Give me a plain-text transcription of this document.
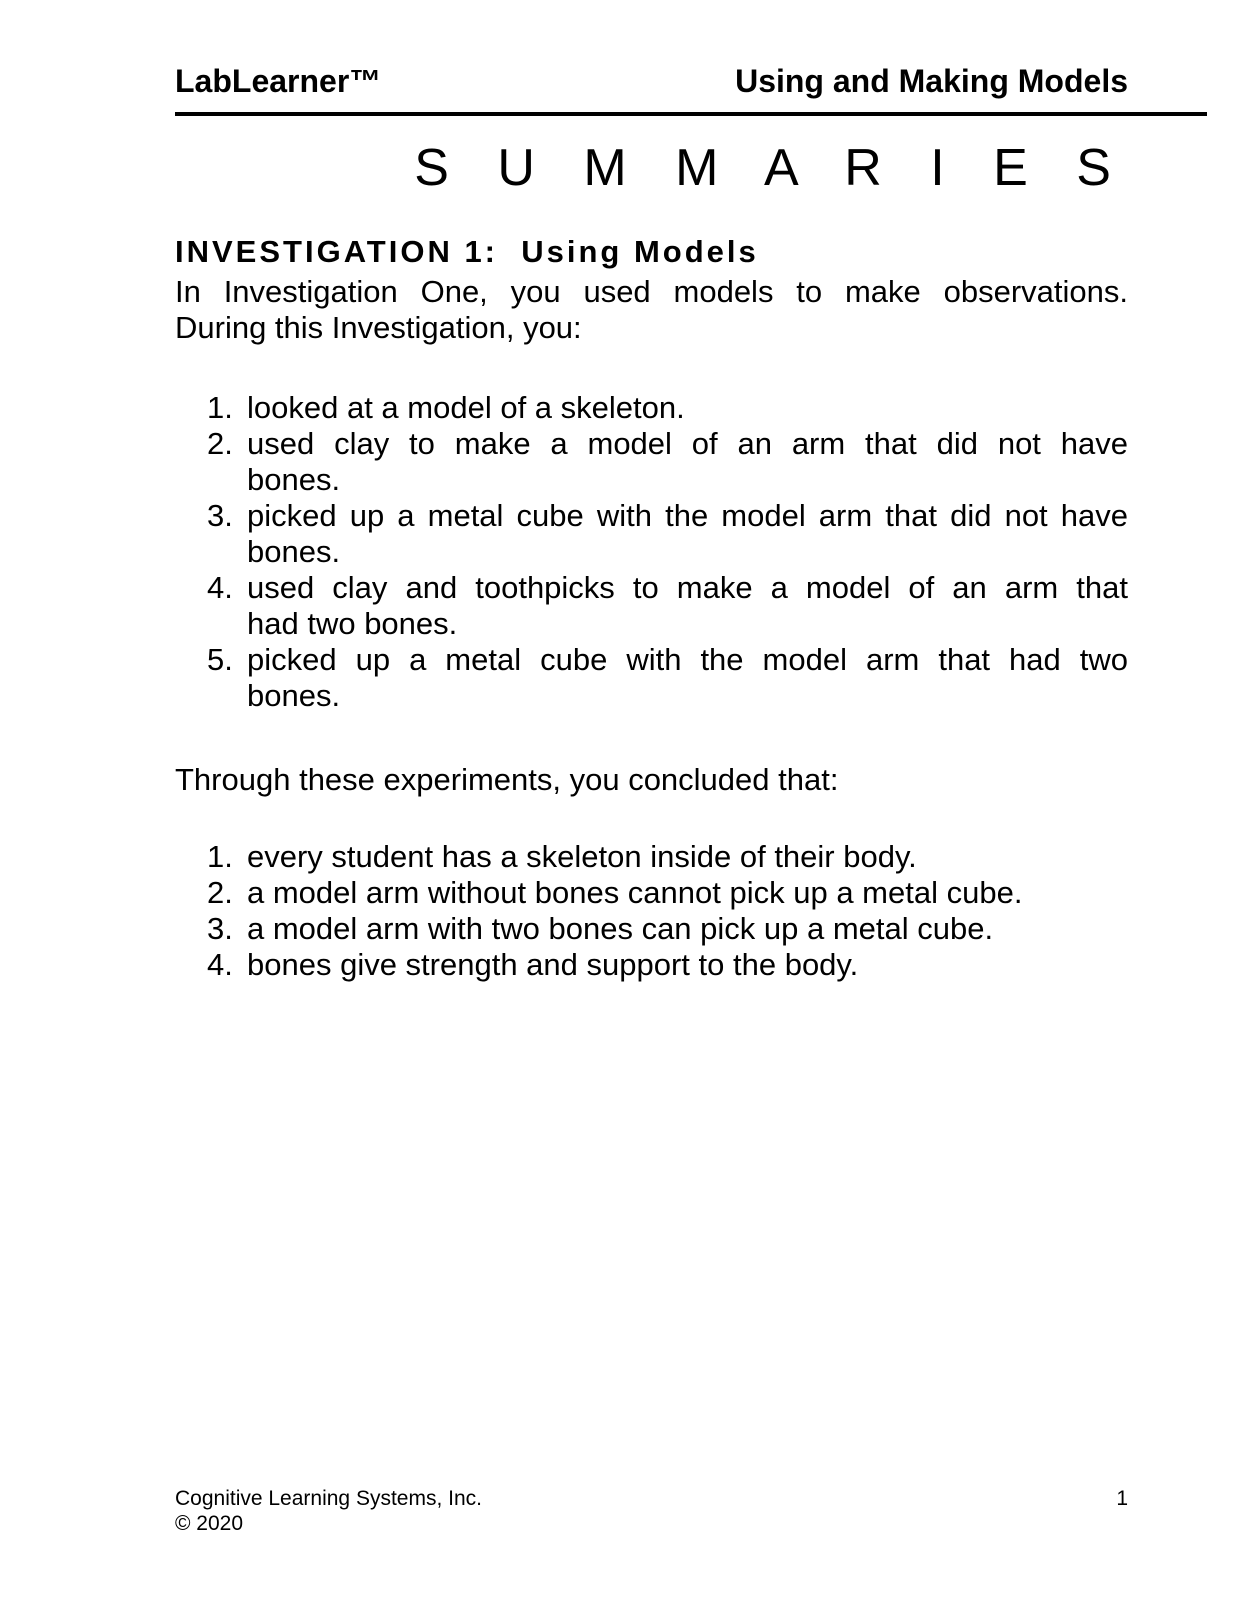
LabLearner™	Using and Making Models
S U M M A R I E S
INVESTIGATION 1:  Using Models
In Investigation One, you used models to make observations.
During this Investigation, you:
1. looked at a model of a skeleton.
2. used clay to make a model of an arm that did not have
bones.
3. picked up a metal cube with the model arm that did not have
bones.
4. used clay and toothpicks to make a model of an arm that
had two bones.
5. picked up a metal cube with the model arm that had two
bones.
Through these experiments, you concluded that:
1. every student has a skeleton inside of their body.
2. a model arm without bones cannot pick up a metal cube.
3. a model arm with two bones can pick up a metal cube.
4. bones give strength and support to the body.
Cognitive Learning Systems, Inc.
© 2020
1
